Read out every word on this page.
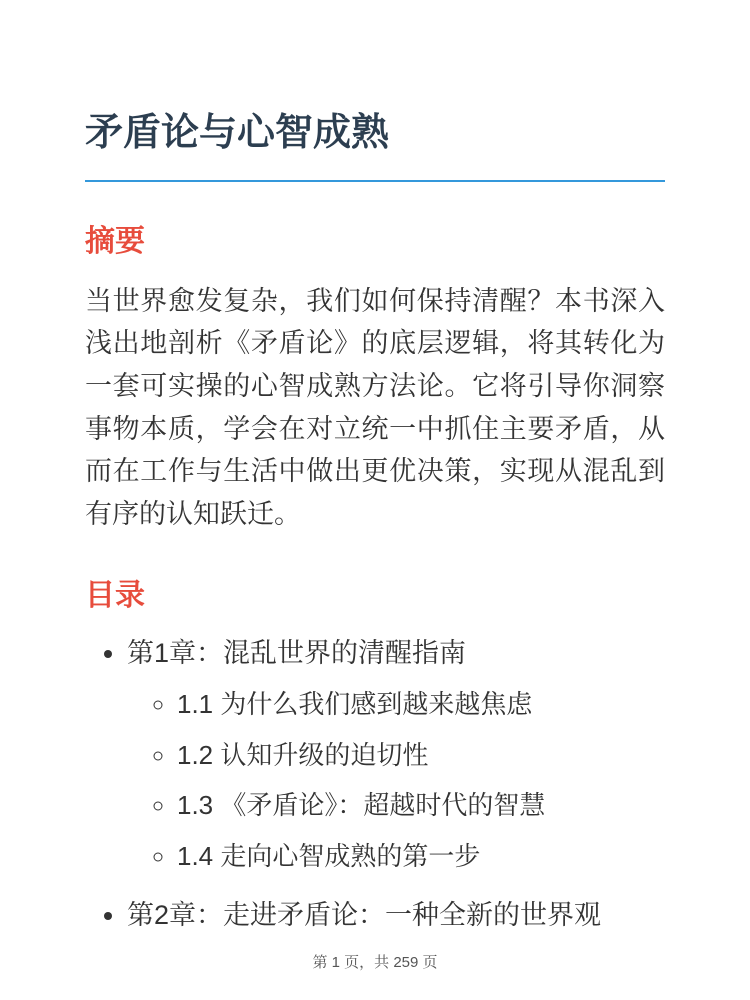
矛盾论与心智成熟
摘要

当世界愈发复杂，我们如何保持清醒？本书深入浅出地剖析《矛盾论》的底层逻辑，将其转化为一套可实操的心智成熟方法论。它将引导你洞察事物本质，学会在对立统一中抓住主要矛盾，从而在工作与生活中做出更优决策，实现从混乱到有序的认知跃迁。

目录
• 第1章：混乱世界的清醒指南
◦ 1.1 为什么我们感到越来越焦虑
◦ 1.2 认知升级的迫切性
◦ 1.3 《矛盾论》：超越时代的智慧
◦ 1.4 走向心智成熟的第一步
• 第2章：走进矛盾论：一种全新的世界观
第 1 页，共 259 页
